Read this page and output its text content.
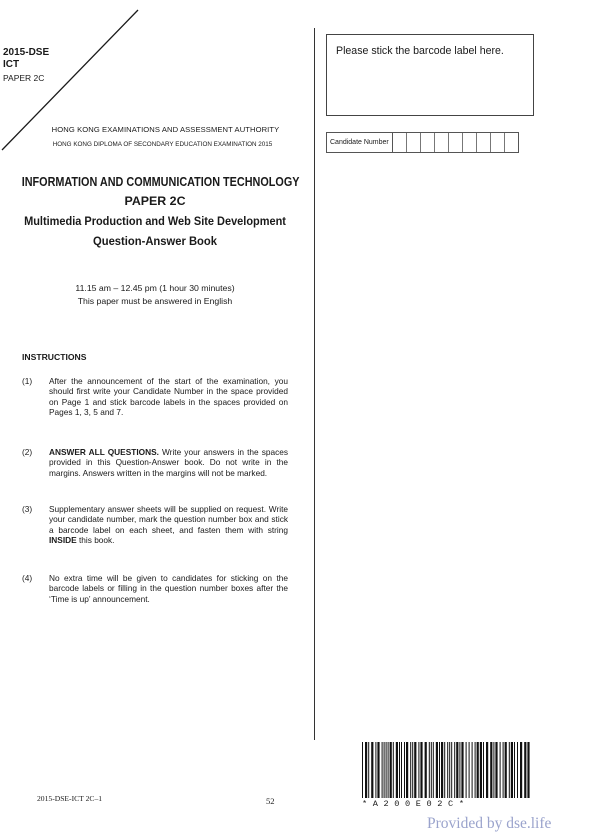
2015-DSE
ICT
PAPER 2C
HONG KONG EXAMINATIONS AND ASSESSMENT AUTHORITY
HONG KONG DIPLOMA OF SECONDARY EDUCATION EXAMINATION 2015
INFORMATION AND COMMUNICATION TECHNOLOGY
PAPER 2C
Multimedia Production and Web Site Development
Question-Answer Book
11.15 am – 12.45 pm (1 hour 30 minutes)
This paper must be answered in English
INSTRUCTIONS
(1) After the announcement of the start of the examination, you should first write your Candidate Number in the space provided on Page 1 and stick barcode labels in the spaces provided on Pages 1, 3, 5 and 7.
(2) ANSWER ALL QUESTIONS. Write your answers in the spaces provided in this Question-Answer book. Do not write in the margins. Answers written in the margins will not be marked.
(3) Supplementary answer sheets will be supplied on request. Write your candidate number, mark the question number box and stick a barcode label on each sheet, and fasten them with string INSIDE this book.
(4) No extra time will be given to candidates for sticking on the barcode labels or filling in the question number boxes after the ‘Time is up’ announcement.
Please stick the barcode label here.
Candidate Number
2015-DSE-ICT 2C–1	52	*A200E02C*
Provided by dse.life
